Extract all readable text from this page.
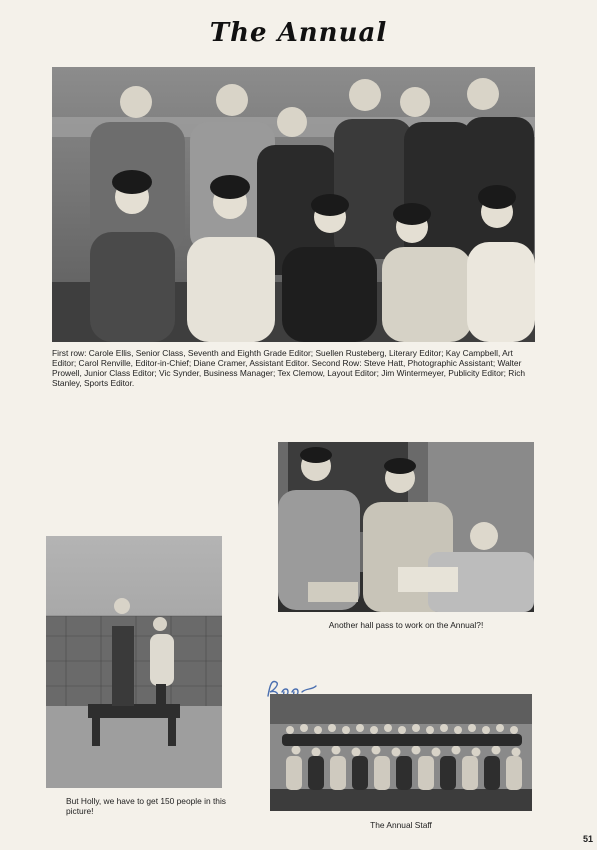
The Annual
First row: Carole Ellis, Senior Class, Seventh and Eighth Grade Editor; Suellen Rusteberg, Literary Editor; Kay Campbell, Art Editor; Carol Renville, Editor-in-Chief; Diane Cramer, Assistant Editor. Second Row: Steve Hatt, Photographic Assistant; Walter Prowell, Junior Class Editor; Vic Synder, Business Manager; Tex Clemow, Layout Editor; Jim Wintermeyer, Publicity Editor; Rich Stanley, Sports Editor.
Another hall pass to work on the Annual?!
But Holly, we have to get 150 people in this picture!
The Annual Staff
51
